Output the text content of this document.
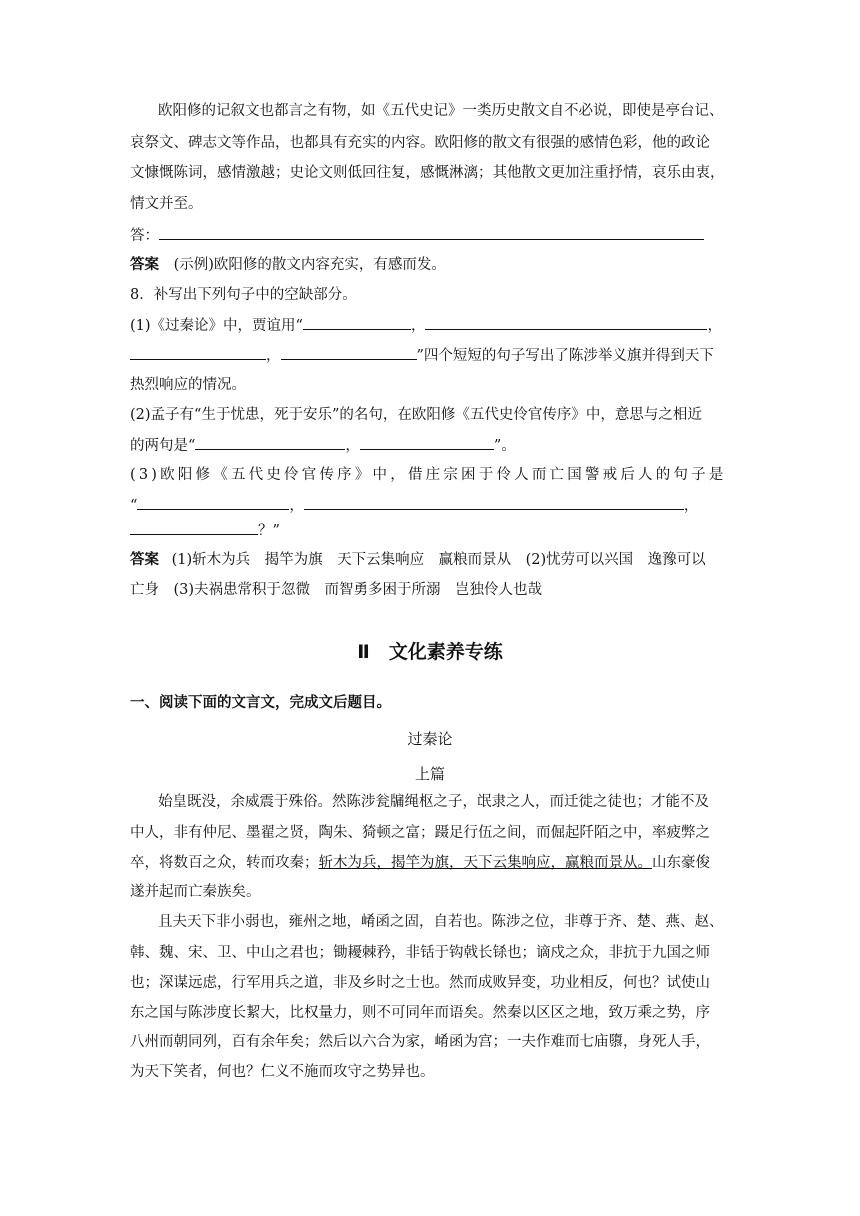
欧阳修的记叙文也都言之有物，如《五代史记》一类历史散文自不必说，即使是亭台记、
哀祭文、碑志文等作品，也都具有充实的内容。欧阳修的散文有很强的感情色彩，他的政论
文慷慨陈词，感情激越；史论文则低回往复，感慨淋漓；其他散文更加注重抒情，哀乐由衷，
情文并至。
答：
答案 (示例)欧阳修的散文内容充实，有感而发。
8．补写出下列句子中的空缺部分。
(1)《过秦论》中，贾谊用“	，	，
，	”四个短短的句子写出了陈涉举义旗并得到天下
热烈响应的情况。
(2)孟子有“生于忧患，死于安乐”的名句，在欧阳修《五代史伶官传序》中，意思与之相近
的两句是“	，	”。
(3)欧阳修《五代史伶官传序》中，借庄宗困于伶人而亡国警戒后人的句子是
“	，	，
？”
答案 (1)斩木为兵　揭竿为旗　天下云集响应　赢粮而景从　(2)忧劳可以兴国　逸豫可以
亡身　(3)夫祸患常积于忽微　而智勇多困于所溺　岂独伶人也哉
Ⅱ　文化素养专练
一、阅读下面的文言文，完成文后题目。
过秦论
上篇
始皇既没，余威震于殊俗。然陈涉瓮牖绳枢之子，氓隶之人，而迁徙之徒也；才能不及
中人，非有仲尼、墨翟之贤，陶朱、猗顿之富；蹑足行伍之间，而倔起阡陌之中，率疲弊之
卒，将数百之众，转而攻秦；斩木为兵，揭竿为旗，天下云集响应，赢粮而景从。山东豪俊
遂并起而亡秦族矣。
且夫天下非小弱也，雍州之地，崤函之固，自若也。陈涉之位，非尊于齐、楚、燕、赵、
韩、魏、宋、卫、中山之君也；锄耰棘矜，非铦于钩戟长铩也；谪戍之众，非抗于九国之师
也；深谋远虑，行军用兵之道，非及乡时之士也。然而成败异变，功业相反，何也？试使山
东之国与陈涉度长絜大，比权量力，则不可同年而语矣。然秦以区区之地，致万乘之势，序
八州而朝同列，百有余年矣；然后以六合为家，崤函为宫；一夫作难而七庙隳，身死人手，
为天下笑者，何也？仁义不施而攻守之势异也。
